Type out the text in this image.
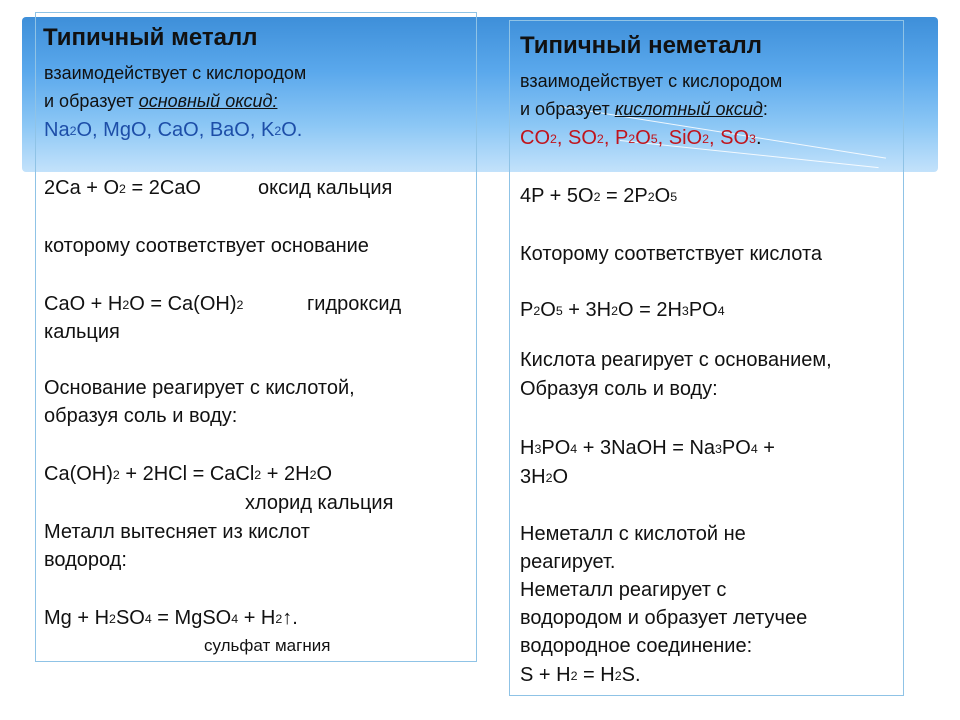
Типичный металл
взаимодействует с кислородом
и образует основный оксид:
$Na_2O$, MgO, CaO, BaO, $K_2O$.
$2Ca + O_2 = 2CaO$	оксид кальция
которому соответствует основание
CaO + $H_2O = Ca(OH)_2$	гидроксид
кальция
Основание реагирует с кислотой,
образуя соль и воду:
$Ca(OH)_2 + 2HCl$ = CaCl$_2$ + $2H_2O$
хлорид кальция
Металл вытесняет из кислот
водород:
$Mg + H_2SO_4$ = MgSO$_4$ + $H_2↑$.
сульфат магния
Типичный неметалл
взаимодействует с кислородом
и образует кислотный оксид:
$CO_2$, $SO_2$, $P_2O_5$, SiO$_2$, $SO_3$.
$4P + 5O_2 = 2P_2O_5$
Которому соответствует кислота
$P_2O_5 + 3H_2O = 2H_3PO_4$
Кислота реагирует с основанием,
Образуя соль и воду:
$H_3PO_4$ + 3NaOH = $Na_3PO_4$ +
$3H_2O$
Неметалл с кислотой не
реагирует.
Неметалл реагирует с
водородом и образует летучее
водородное соединение:
$S + H_2 = H_2S$.
